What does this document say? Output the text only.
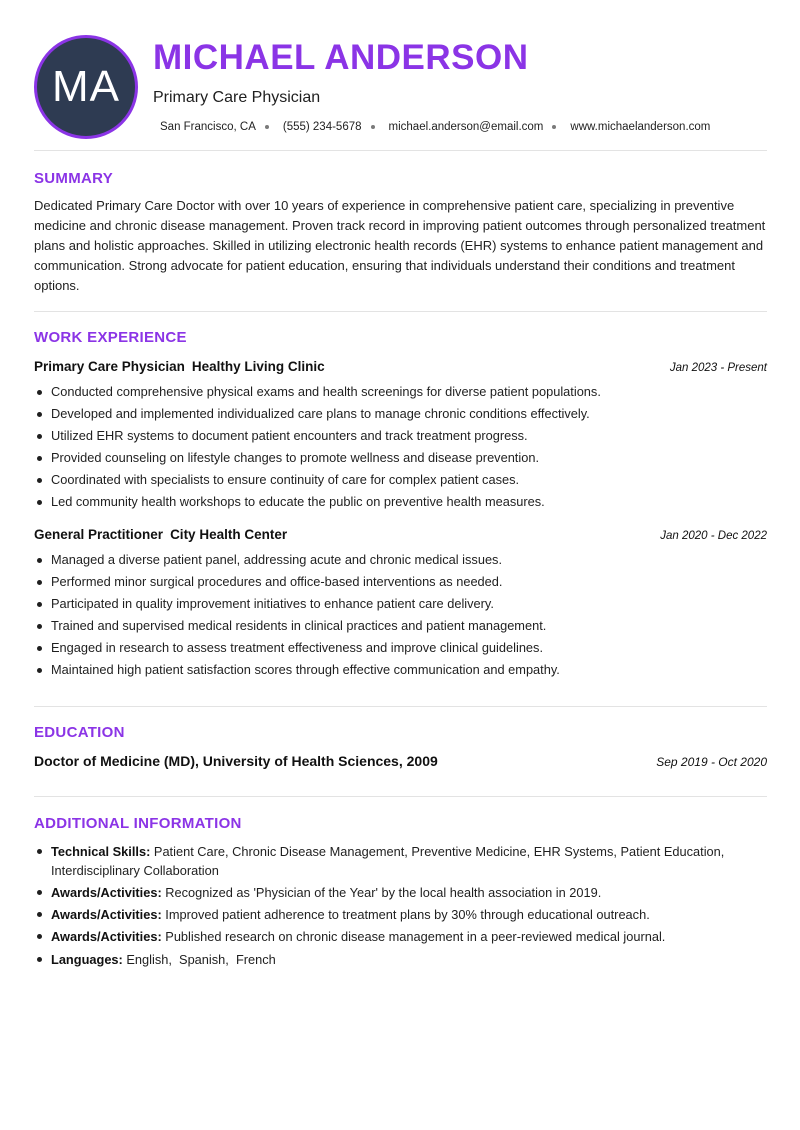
MA
MICHAEL ANDERSON
Primary Care Physician
San Francisco, CA (555) 234-5678 michael.anderson@email.com www.michaelanderson.com
SUMMARY

Dedicated Primary Care Doctor with over 10 years of experience in comprehensive patient care, specializing in preventive medicine and chronic disease management. Proven track record in improving patient outcomes through personalized treatment plans and holistic approaches. Skilled in utilizing electronic health records (EHR) systems to enhance patient management and communication. Strong advocate for patient education, ensuring that individuals understand their conditions and treatment options.

WORK EXPERIENCE
Primary Care Physician Healthy Living Clinic	Jan 2023 - Present
Conducted comprehensive physical exams and health screenings for diverse patient populations.
Developed and implemented individualized care plans to manage chronic conditions effectively.
Utilized EHR systems to document patient encounters and track treatment progress.
Provided counseling on lifestyle changes to promote wellness and disease prevention.
Coordinated with specialists to ensure continuity of care for complex patient cases.
Led community health workshops to educate the public on preventive health measures.
General Practitioner City Health Center	Jan 2020 - Dec 2022
Managed a diverse patient panel, addressing acute and chronic medical issues.
Performed minor surgical procedures and office-based interventions as needed.
Participated in quality improvement initiatives to enhance patient care delivery.
Trained and supervised medical residents in clinical practices and patient management.
Engaged in research to assess treatment effectiveness and improve clinical guidelines.
Maintained high patient satisfaction scores through effective communication and empathy.
EDUCATION
Doctor of Medicine (MD), University of Health Sciences, 2009	Sep 2019 - Oct 2020
ADDITIONAL INFORMATION
Technical Skills: Patient Care, Chronic Disease Management, Preventive Medicine, EHR Systems, Patient Education, Interdisciplinary Collaboration
Awards/Activities: Recognized as 'Physician of the Year' by the local health association in 2019.
Awards/Activities: Improved patient adherence to treatment plans by 30% through educational outreach.
Awards/Activities: Published research on chronic disease management in a peer-reviewed medical journal.
Languages: English,  Spanish,  French
